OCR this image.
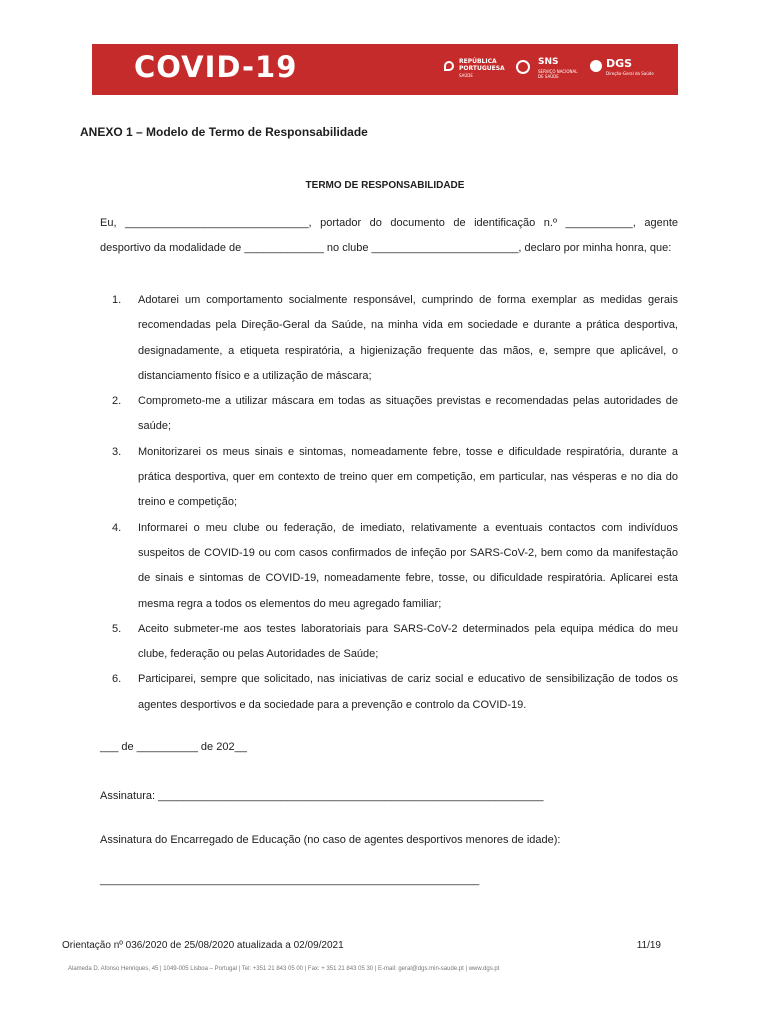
COVID-19	REPÚBLICA PORTUGUESA
SAÚDE
SNS
SERVIÇO NACIONAL DE SAÚDE
DGS
Direção-Geral da Saúde
ANEXO 1 – Modelo de Termo de Responsabilidade
TERMO DE RESPONSABILIDADE
Eu, ______________________________, portador do documento de identificação n.º ___________, agente desportivo da modalidade de _____________ no clube ________________________, declaro por minha honra, que:
1. Adotarei um comportamento socialmente responsável, cumprindo de forma exemplar as medidas gerais recomendadas pela Direção-Geral da Saúde, na minha vida em sociedade e durante a prática desportiva, designadamente, a etiqueta respiratória, a higienização frequente das mãos, e, sempre que aplicável, o distanciamento físico e a utilização de máscara;
2. Comprometo-me a utilizar máscara em todas as situações previstas e recomendadas pelas autoridades de saúde;
3. Monitorizarei os meus sinais e sintomas, nomeadamente febre, tosse e dificuldade respiratória, durante a prática desportiva, quer em contexto de treino quer em competição, em particular, nas vésperas e no dia do treino e competição;
4. Informarei o meu clube ou federação, de imediato, relativamente a eventuais contactos com indivíduos suspeitos de COVID-19 ou com casos confirmados de infeção por SARS-CoV-2, bem como da manifestação de sinais e sintomas de COVID-19, nomeadamente febre, tosse, ou dificuldade respiratória. Aplicarei esta mesma regra a todos os elementos do meu agregado familiar;
5. Aceito submeter-me aos testes laboratoriais para SARS-CoV-2 determinados pela equipa médica do meu clube, federação ou pelas Autoridades de Saúde;
6. Participarei, sempre que solicitado, nas iniciativas de cariz social e educativo de sensibilização de todos os agentes desportivos e da sociedade para a prevenção e controlo da COVID-19.
___ de __________ de 202__
Assinatura: _______________________________________________________________
Assinatura do Encarregado de Educação (no caso de agentes desportivos menores de idade):
______________________________________________________________
Orientação nº 036/2020 de 25/08/2020 atualizada a 02/09/2021	11/19
Alameda D. Afonso Henriques, 45 | 1049-005 Lisboa – Portugal | Tel: +351 21 843 05 00 | Fax: + 351 21 843 05 30 | E-mail: geral@dgs.min-saude.pt | www.dgs.pt
